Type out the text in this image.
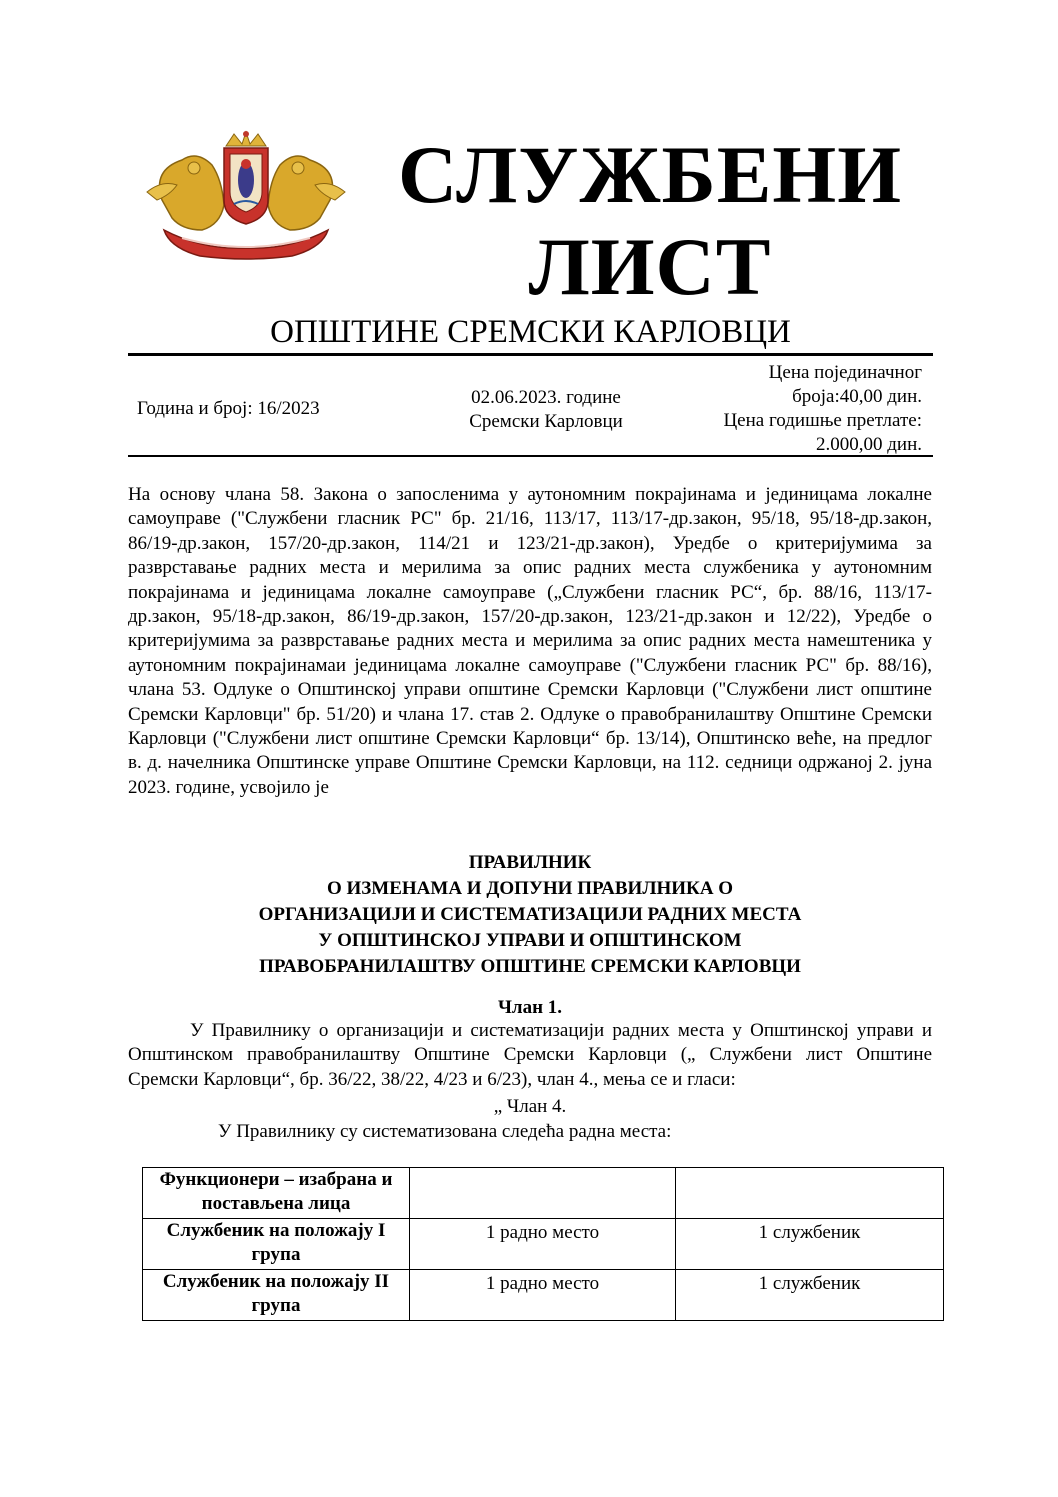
СЛУЖБЕНИ
ЛИСТ
ОПШТИНЕ СРЕМСКИ КАРЛОВЦИ
Година и број: 16/2023
02.06.2023. године
Сремски Карловци
Цена појединачног
броја:40,00 дин.
Цена годишње претлате:
2.000,00 дин.
На основу члана 58. Закона о запосленима у аутономним покрајинама и јединицама локалне самоуправе ("Службени гласник РС" бр. 21/16, 113/17, 113/17-др.закон, 95/18, 95/18-др.закон, 86/19-др.закон, 157/20-др.закон, 114/21 и 123/21-др.закон), Уредбе о критеријумима за разврставање радних места и мерилима за опис радних места службеника у аутономним покрајинама и јединицама локалне самоуправе („Службени гласник РС“, бр. 88/16, 113/17-др.закон, 95/18-др.закон, 86/19-др.закон, 157/20-др.закон, 123/21-др.закон и 12/22), Уредбе о критеријумима за разврставање радних места и мерилима за опис радних места намештеника у аутономним покрајинамаи јединицама локалне самоуправе ("Службени гласник РС" бр. 88/16), члана 53. Одлуке о Општинској управи општине Сремски Карловци ("Службени лист општине Сремски Карловци" бр. 51/20) и члана 17. став 2. Одлуке о правобранилаштву Општине Сремски Карловци ("Службени лист општине Сремски Карловци“ бр. 13/14), Општинско веће, на предлог в. д. начелника Општинске управе Општине Сремски Карловци, на 112. седници одржаној 2. јуна 2023. године, усвојило је
ПРАВИЛНИК
О ИЗМЕНАМА И ДОПУНИ ПРАВИЛНИКА О
ОРГАНИЗАЦИЈИ И СИСТЕМАТИЗАЦИЈИ РАДНИХ МЕСТА
У ОПШТИНСКОЈ УПРАВИ И ОПШТИНСКОМ
ПРАВОБРАНИЛАШТВУ ОПШТИНЕ СРЕМСКИ КАРЛОВЦИ
Члан 1.
У Правилнику о организацији и систематизацији радних места у Општинској управи и Општинском правобранилаштву Општине Сремски Карловци („ Службени лист Општине Сремски Карловци“, бр. 36/22, 38/22, 4/23 и 6/23), члан 4., мења се и гласи:
„ Члан 4.
У Правилнику су систематизована следећа радна места:
Функционери – изабрана и постављена лица		
Службеник на положају I група	1 радно место	1 службеник
Службеник на положају II група	1 радно место	1 службеник
